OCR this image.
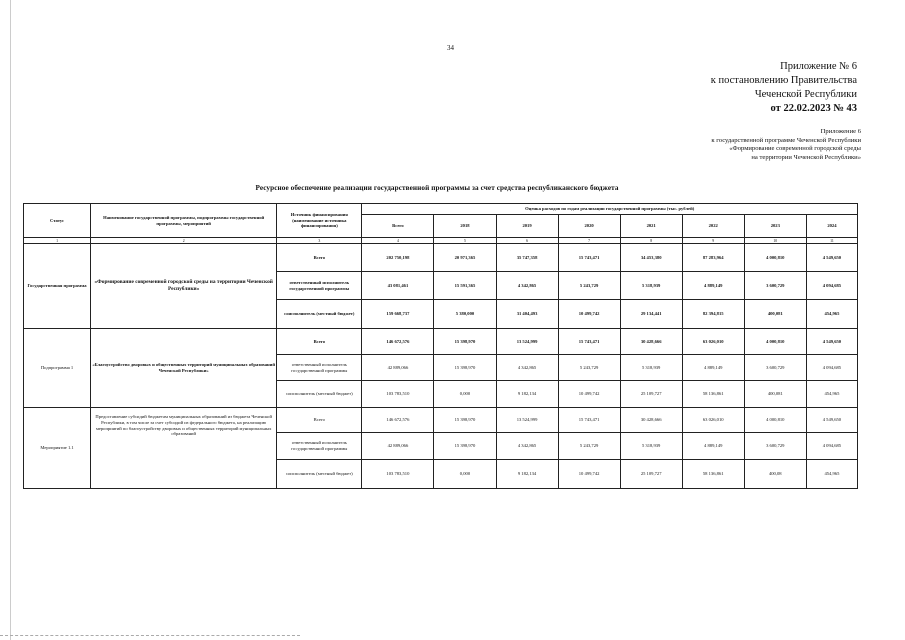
34
Приложение № 6
к постановлению Правительства
Чеченской Республики
от 22.02.2023 № 43
Приложение 6
к государственной программе Чеченской Республики
«Формирование современной городской среды
на территории Чеченской Республики»
Ресурсное обеспечение реализации государственной программы за счет средства республиканского бюджета
Статус	Наименование государственной программы, подпрограммы государственной программы, мероприятий	Источник финансирования (наименование источника финансирования)	Оценка расходов по годам реализации государственной программы (тыс. рублей)							
			Всего	2018	2019	2020	2021	2022	2023	2024
1	2	3	4	5	6	7	8	9	10	11
Государственная программа	«Формирование современной городской среды на территории Чеченской Республики»	Всего	202 750,198	20 971,365	35 747,358	15 743,471	34 453,380	87 283,964	4 000,810	4 549,650
		ответственный исполнитель государственной программы	43 081,461	15 591,365	4 342,865	5 243,729	5 318,939	4 889,149	3 600,729	4 094,685
		соисполнитель (местный бюджет)	159 668,737	5 380,000	31 404,493	10 499,742	29 134,441	82 394,815	400,081	454,965
Подпрограмма 1	«Благоустройство дворовых и общественных территорий муниципальных образований Чеченской Республики»	Всего	146 672,576	15 398,970	13 524,999	15 743,471	30 428,666	63 026,010	4 000,810	4 549,650
		ответственный исполнитель государственной программы	42 889,066	15 398,970	4 342,865	5 243,729	5 318,939	4 889,149	3 600,729	4 094,685
		соисполнитель (местный бюджет)	103 783,510	0,000	9 182,134	10 499,742	25 109,727	58 136,861	400,081	454,965
Мероприятие 1.1	Предоставление субсидий бюджетам муниципальных образований из бюджета Чеченской Республики, в том числе за счет субсидий из федерального бюджета, на реализацию мероприятий по благоустройству дворовых и общественных территорий муниципальных образований	Всего	146 672,576	15 398,970	13 524,999	15 743,471	30 428,666	63 026,010	4 000,810	4 549,650
		ответственный исполнитель государственной программы	42 889,066	15 398,970	4 342,865	5 243,729	5 318,939	4 889,149	3 600,729	4 094,685
		соисполнитель (местный бюджет)	103 783,510	0,000	9 182,134	10 499,742	25 109,727	58 136,861	400,08	454,965
